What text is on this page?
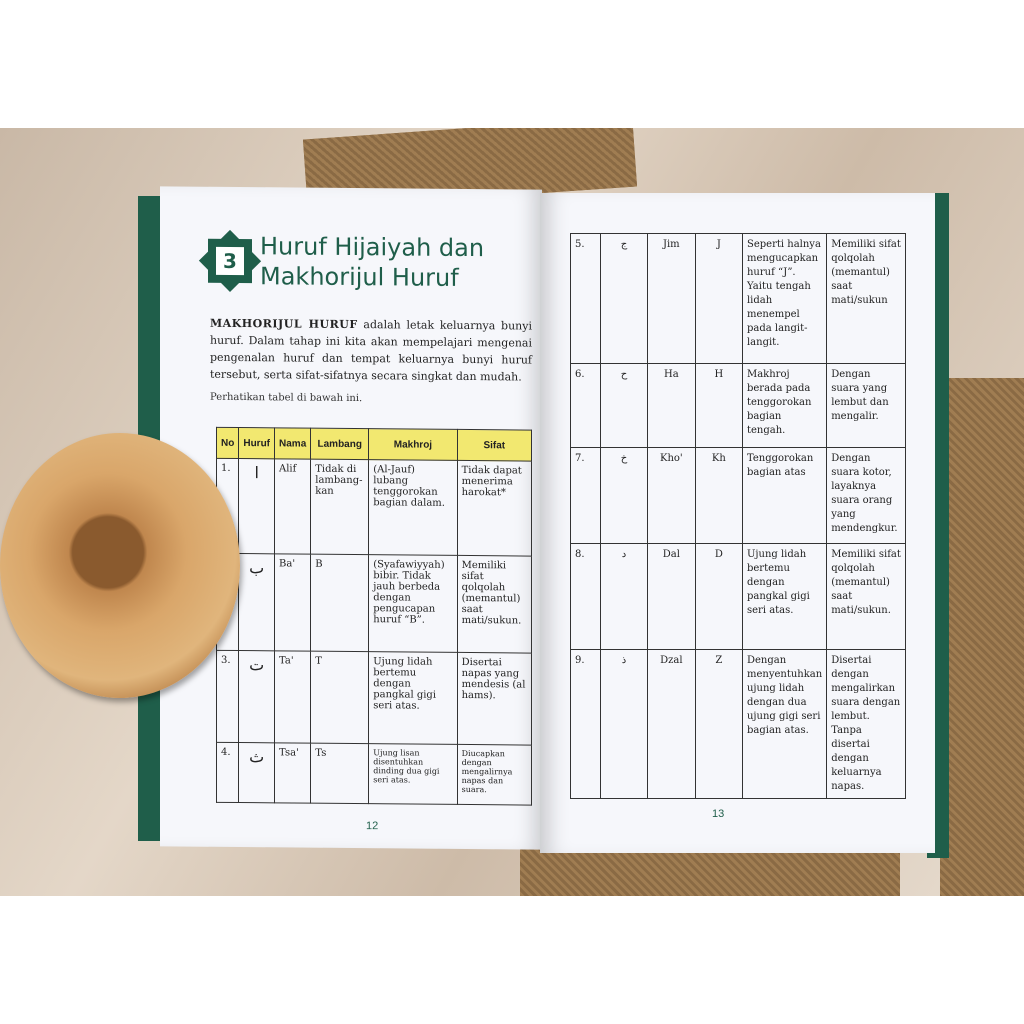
3 Huruf Hijaiyah dan
Makhorijul Huruf
MAKHORIJUL HURUF adalah letak keluarnya bunyi huruf. Dalam tahap ini kita akan mempelajari mengenai pengenalan huruf dan tempat keluarnya bunyi huruf tersebut, serta sifat-sifatnya secara singkat dan mudah.
Perhatikan tabel di bawah ini.
No	Huruf	Nama	Lambang	Makhroj	Sifat
1.	ا	Alif	Tidak di lambang-kan	(Al-Jauf) lubang tenggorokan bagian dalam.	Tidak dapat menerima harokat*
	ب	Ba'	B	(Syafawiyyah) bibir. Tidak jauh berbeda dengan pengucapan huruf “B”.	Memiliki sifat qolqolah (memantul) saat mati/sukun.
3.	ت	Ta'	T	Ujung lidah bertemu dengan pangkal gigi seri atas.	Disertai napas yang mendesis (al hams).
4.	ث	Tsa'	Ts	Ujung lisan disentuhkan dinding dua gigi seri atas.	Diucapkan dengan mengalirnya napas dan suara.
12
5.	ج	Jim	J	Seperti halnya mengucapkan huruf “J”. Yaitu tengah lidah menempel pada langit-langit.	Memiliki sifat qolqolah (memantul) saat mati/sukun
6.	ح	Ha	H	Makhroj berada pada tenggorokan bagian tengah.	Dengan suara yang lembut dan mengalir.
7.	خ	Kho'	Kh	Tenggorokan bagian atas	Dengan suara kotor, layaknya suara orang yang mendengkur.
8.	د	Dal	D	Ujung lidah bertemu dengan pangkal gigi seri atas.	Memiliki sifat qolqolah (memantul) saat mati/sukun.
9.	ذ	Dzal	Z	Dengan menyentuhkan ujung lidah dengan dua ujung gigi seri bagian atas.	Disertai dengan mengalirkan suara dengan lembut. Tanpa disertai dengan keluarnya napas.
13
